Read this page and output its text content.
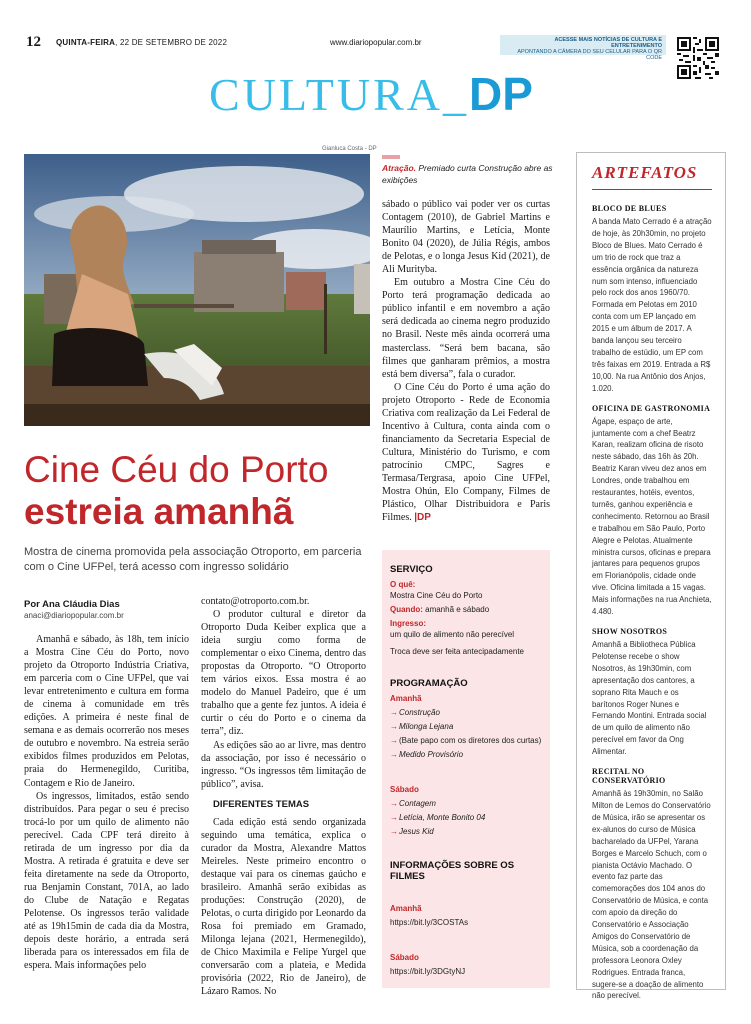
12 QUINTA-FEIRA, 22 DE SETEMBRO DE 2022	www.diariopopular.com.br	ACESSE MAIS NOTÍCIAS DE CULTURA E ENTRETENIMENTO
APONTANDO A CÂMERA DO SEU CELULAR PARA O QR CODE
CULTURA_DP
Gianluca Costa - DP
Cine Céu do Porto
estreia amanhã
Mostra de cinema promovida pela associação Otroporto, em parceria com o Cine UFPel, terá acesso com ingresso solidário
Atração. Premiado curta Construção abre as exibições
Por Ana Cláudia Dias
anaci@diariopopular.com.br

Amanhã e sábado, às 18h, tem início a Mostra Cine Céu do Porto, novo projeto da Otroporto Indústria Criativa, em parceria com o Cine UFPel, que vai levar entretenimento e cultura em forma de cinema à comunidade em três edições. A primeira é neste final de semana e as demais ocorrerão nos meses de outubro e novembro. Na estreia serão exibidos filmes produzidos em Pelotas, praia do Hermenegildo, Curitiba, Contagem e Rio de Janeiro.

Os ingressos, limitados, estão sendo distribuídos. Para pegar o seu é preciso trocá-lo por um quilo de alimento não perecível. Cada CPF terá direito à retirada de um ingresso por dia da Mostra. A retirada é gratuita e deve ser feita diretamente na sede da Otroporto, rua Benjamin Constant, 701A, ao lado do Clube de Natação e Regatas Pelotense. Os ingressos terão validade até as 19h15min de cada dia da Mostra, depois deste horário, a entrada será liberada para os interessados em fila de espera. Mais informações pelo

contato@otroporto.com.br.

O produtor cultural e diretor da Otroporto Duda Keiber explica que a ideia surgiu como forma de complementar o eixo Cinema, dentro das propostas da Otroporto. “O Otroporto tem vários eixos. Essa mostra é ao modelo do Manuel Padeiro, que é um trabalho que a gente fez juntos. A ideia é curtir o céu do Porto e o cinema da terra”, diz.

As edições são ao ar livre, mas dentro da associação, por isso é necessário o ingresso. “Os ingressos têm limitação de público”, avisa.

DIFERENTES TEMAS

Cada edição está sendo organizada seguindo uma temática, explica o curador da Mostra, Alexandre Mattos Meireles. Neste primeiro encontro o destaque vai para os cinemas gaúcho e brasileiro. Amanhã serão exibidas as produções: Construção (2020), de Pelotas, o curta dirigido por Leonardo da Rosa foi premiado em Gramado, Milonga lejana (2021, Hermenegildo), de Chico Maximila e Felipe Yurgel que conversarão com a plateia, e Medida provisória (2022, Rio de Janeiro), de Lázaro Ramos. No

sábado o público vai poder ver os curtas Contagem (2010), de Gabriel Martins e Maurílio Martins, e Letícia, Monte Bonito 04 (2020), de Júlia Régis, ambos de Pelotas, e o longa Jesus Kid (2021), de Ali Murityba.

Em outubro a Mostra Cine Céu do Porto terá programação dedicada ao público infantil e em novembro a ação será dedicada ao cinema negro produzido no Brasil. Neste mês ainda ocorrerá uma masterclass. “Será bem bacana, são filmes que ganharam prêmios, a mostra está bem diversa”, fala o curador.

O Cine Céu do Porto é uma ação do projeto Otroporto - Rede de Economia Criativa com realização da Lei Federal de Incentivo à Cultura, conta ainda com o financiamento da Secretaria Especial de Cultura, Ministério do Turismo, e com patrocínio CMPC, Sagres e Termasa/Tergrasa, apoio Cine UFPel, Mostra Ohún, Elo Company, Filmes de Plástico, Olhar Distribuidora e Paris Filmes. |DP

SERVIÇO
O quê:
Mostra Cine Céu do Porto
Quando: amanhã e sábado
Ingresso:
um quilo de alimento não perecível
Troca deve ser feita antecipadamente
PROGRAMAÇÃO
Amanhã
→Construção
→Milonga Lejana
→(Bate papo com os diretores dos curtas)
→Medido Provisório
Sábado
→Contagem
→Letícia, Monte Bonito 04
→Jesus Kid
INFORMAÇÕES SOBRE OS FILMES
Amanhã
https://bit.ly/3COSTAs
Sábado
https://bit.ly/3DGtyNJ
ARTEFATOS
BLOCO DE BLUES
A banda Mato Cerrado é a atração de hoje, às 20h30min, no projeto Bloco de Blues. Mato Cerrado é um trio de rock que traz a essência orgânica da natureza num som intenso, influenciado pelo rock dos anos 1960/70. Formada em Pelotas em 2010 conta com um EP lançado em 2015 e um álbum de 2017. A banda lançou seu terceiro trabalho de estúdio, um EP com três faixas em 2019. Entrada a R$ 10,00. Na rua Antônio dos Anjos, 1.020.
OFICINA DE GASTRONOMIA
Ágape, espaço de arte, juntamente com a chef Beatrz Karan, realizam oficina de risoto neste sábado, das 16h às 20h. Beatriz Karan viveu dez anos em Londres, onde trabalhou em restaurantes, hotéis, eventos, turnês, ganhou experiência e conhecimento. Retornou ao Brasil e trabalhou em São Paulo, Porto Alegre e Pelotas. Atualmente ministra cursos, oficinas e prepara jantares para pequenos grupos em Florianópolis, cidade onde vive. Oficina limitada a 15 vagas. Mais informações na rua Anchieta, 4.480.
SHOW NOSOTROS
Amanhã a Bibliotheca Pública Pelotense recebe o show Nosotros, às 19h30min, com apresentação dos cantores, a soprano Rita Mauch e os barítonos Roger Nunes e Fernando Montini. Entrada social de um quilo de alimento não perecível em favor da Ong Alimentar.
RECITAL NO CONSERVATÓRIO
Amanhã às 19h30min, no Salão Milton de Lemos do Conservatório de Música, irão se apresentar os ex-alunos do curso de Música bacharelado da UFPel, Yarana Borges e Marcelo Schuch, com o pianista Octávio Machado. O evento faz parte das comemorações dos 104 anos do Conservatório de Música, e conta com apoio da direção do Conservatório e Associação Amigos do Conservatório de Música, sob a coordenação da professora Leonora Oxley Rodrigues. Entrada franca, sugere-se a doação de alimento não perecível.
